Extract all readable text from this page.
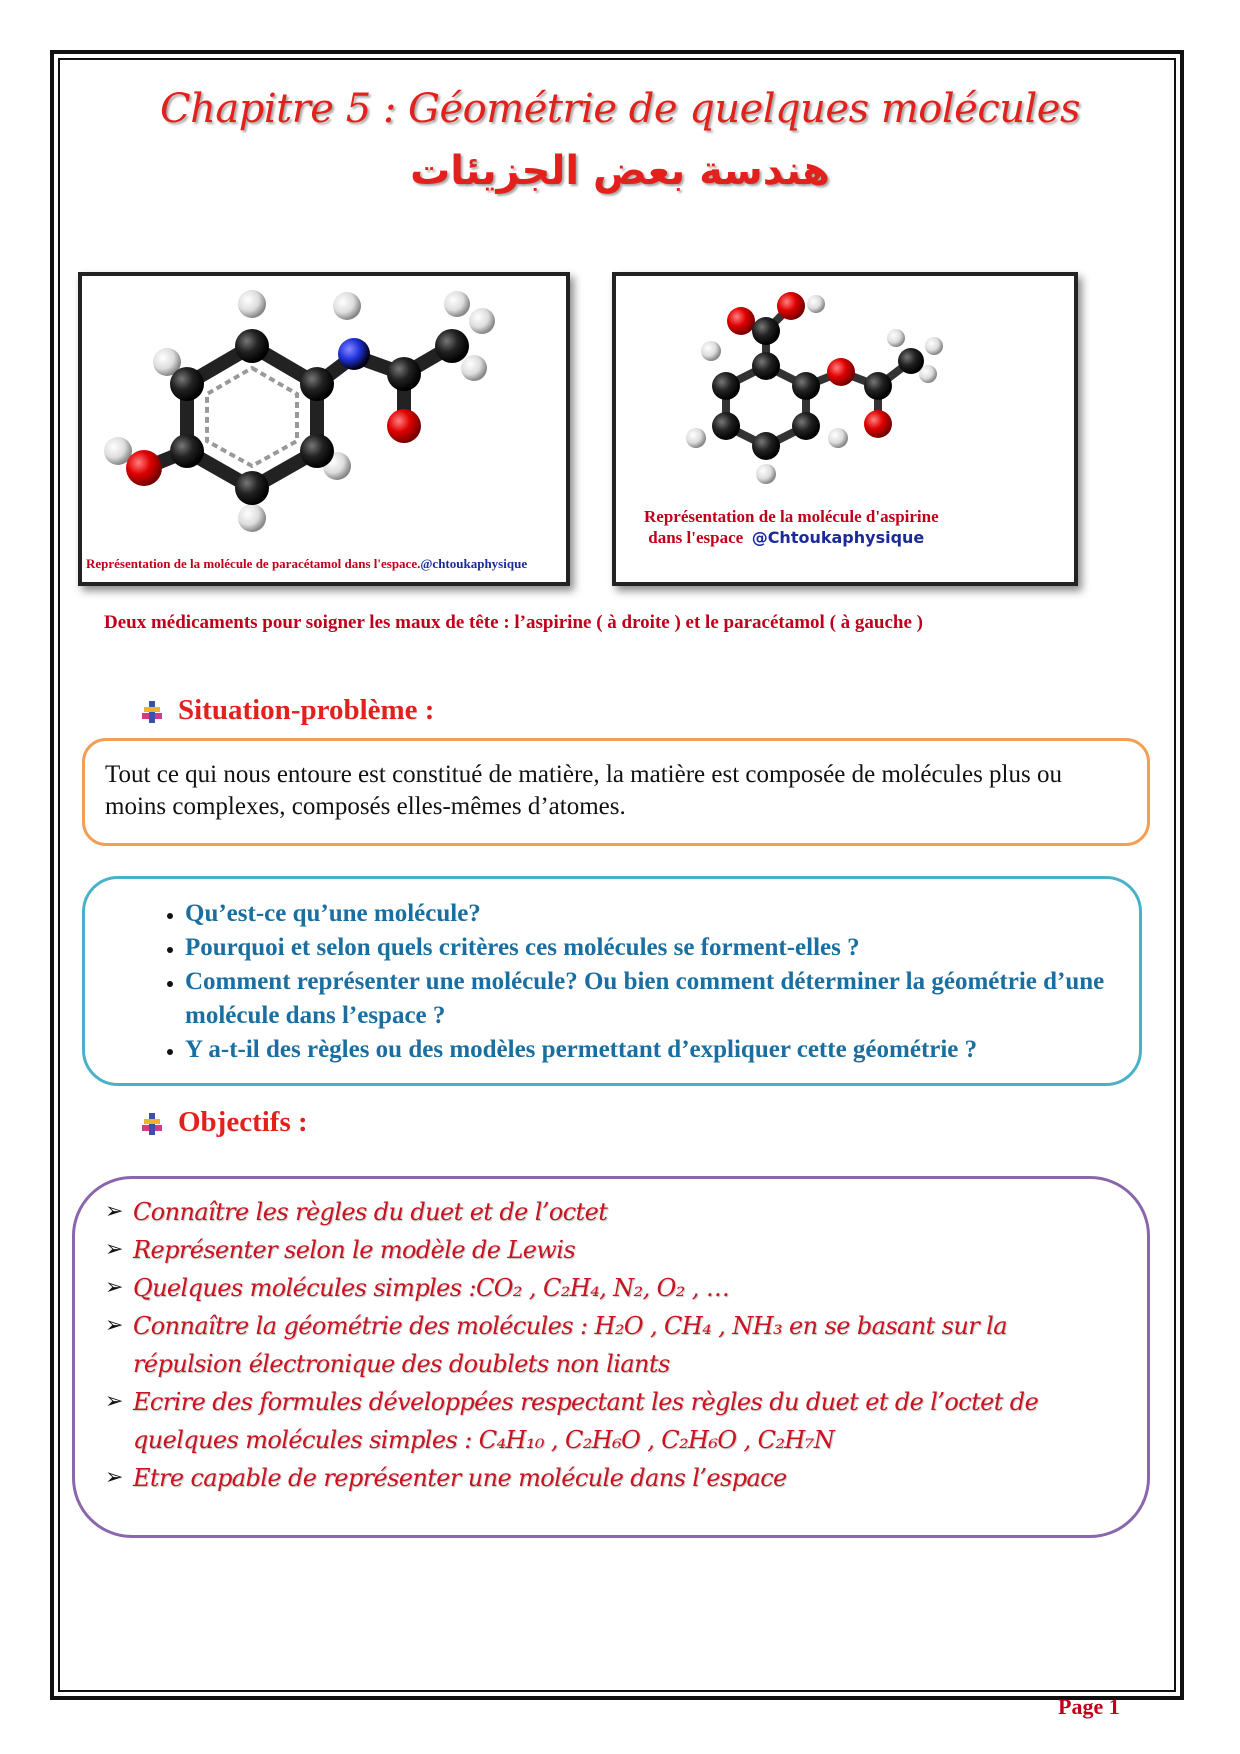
Chapitre 5 : Géométrie de quelques molécules
هندسة بعض الجزيئات
Représentation de la molécule de paracétamol dans l'espace.@chtoukaphysique
Représentation de la molécule d'aspirine
dans l'espace @Chtoukaphysique
Deux médicaments pour soigner les maux de tête : l’aspirine ( à droite ) et le paracétamol ( à gauche )
Situation-problème :
Tout ce qui nous entoure est constitué de matière, la matière est composée de molécules plus ou moins complexes, composés elles-mêmes d’atomes.
• Qu’est-ce qu’une molécule?
• Pourquoi et selon quels critères ces molécules se forment-elles ?
• Comment représenter une molécule? Ou bien comment déterminer la géométrie d’une molécule dans l’espace ?
• Y a-t-il des règles ou des modèles permettant d’expliquer cette géométrie ?
Objectifs :
➢ Connaître les règles du duet et de l’octet
➢ Représenter selon le modèle de Lewis
➢ Quelques molécules simples :CO₂ , C₂H₄, N₂, O₂ , …
➢ Connaître la géométrie des molécules : H₂O , CH₄ , NH₃ en se basant sur la répulsion électronique des doublets non liants
➢ Ecrire des formules développées respectant les règles du duet et de l’octet de quelques molécules simples : C₄H₁₀ , C₂H₆O , C₂H₆O , C₂H₇N
➢ Etre capable de représenter une molécule dans l’espace
Page 1
